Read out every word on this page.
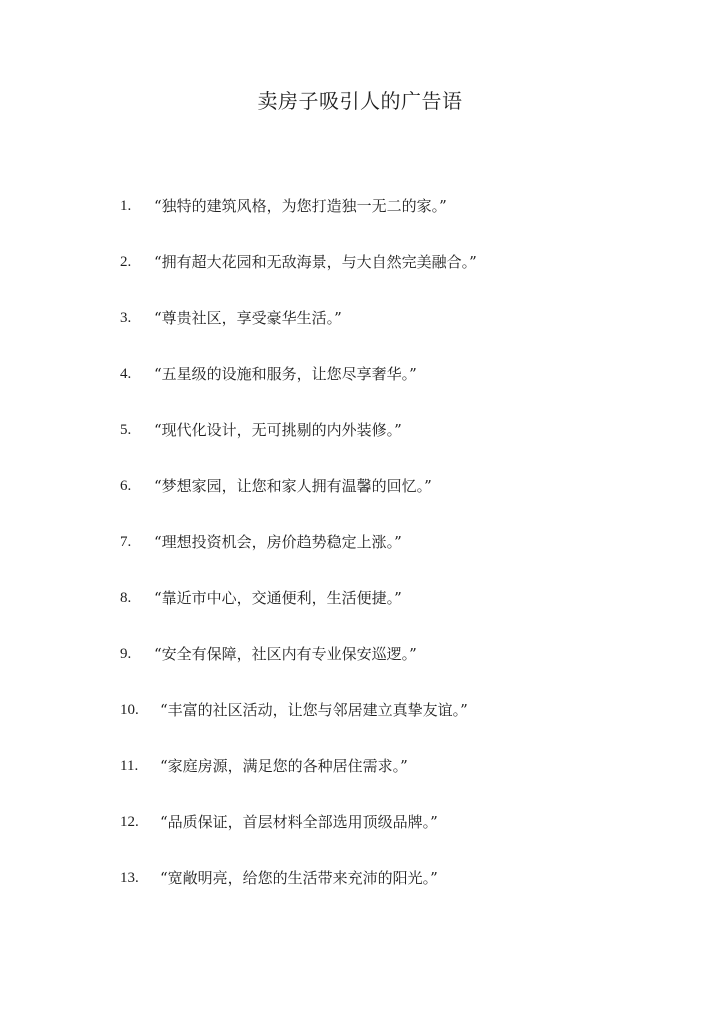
卖房子吸引人的广告语
1.	“独特的建筑风格，为您打造独一无二的家。”
2.	“拥有超大花园和无敌海景，与大自然完美融合。”
3.	“尊贵社区，享受豪华生活。”
4.	“五星级的设施和服务，让您尽享奢华。”
5.	“现代化设计，无可挑剔的内外装修。”
6.	“梦想家园，让您和家人拥有温馨的回忆。”
7.	“理想投资机会，房价趋势稳定上涨。”
8.	“靠近市中心，交通便利，生活便捷。”
9.	“安全有保障，社区内有专业保安巡逻。”
10.	“丰富的社区活动，让您与邻居建立真挚友谊。”
11.	“家庭房源，满足您的各种居住需求。”
12.	“品质保证，首层材料全部选用顶级品牌。”
13.	“宽敞明亮，给您的生活带来充沛的阳光。”
